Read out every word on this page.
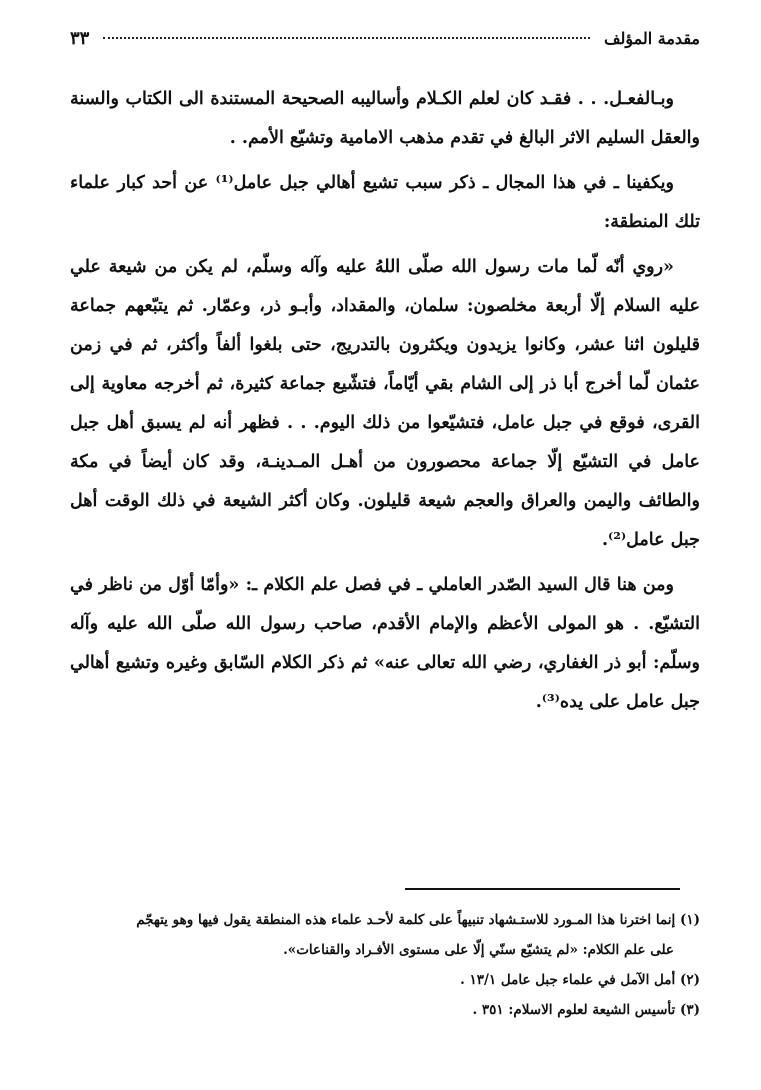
مقدمة المؤلف
٣٣

وبـالفعـل. . . فقـد كان لعلم الكـلام وأساليبه الصحيحة المستندة الى الكتاب والسنة والعقل السليم الاثر البالغ في تقدم مذهب الامامية وتشيّع الأمم. .

ويكفينا ـ في هذا المجال ـ ذكر سبب تشيع أهالي جبل عامل⁽¹⁾ عن أحد كبار علماء تلك المنطقة:

«روي أنّه لّما مات رسول الله صلّى اللهُ عليه وآله وسلّم، لم يكن من شيعة علي عليه السلام إلّا أربعة مخلصون: سلمان، والمقداد، وأبـو ذر، وعمّار. ثم يتبّعهم جماعة قليلون اثنا عشر، وكانوا يزيدون ويكثرون بالتدريج، حتى بلغوا ألفاً وأكثر، ثم في زمن عثمان لّما أخرج أبا ذر إلى الشام بقي أيّاماً، فتشّيع جماعة كثيرة، ثم أخرجه معاوية إلى القرى، فوقع في جبل عامل، فتشيّعوا من ذلك اليوم. . . فظهر أنه لم يسبق أهل جبل عامل في التشيّع إلّا جماعة محصورون من أهـل المـدينـة، وقد كان أيضاً في مكة والطائف واليمن والعراق والعجم شيعة قليلون. وكان أكثر الشيعة في ذلك الوقت أهل جبل عامل⁽²⁾.

ومن هنا قال السيد الصّدر العاملي ـ في فصل علم الكلام ـ: «وأمّا أوّل من ناظر في التشيّع. . هو المولى الأعظم والإمام الأقدم، صاحب رسول الله صلّى الله عليه وآله وسلّم: أبو ذر الغفاري، رضي الله تعالى عنه» ثم ذكر الكلام السّابق وغيره وتشيع أهالي جبل عامل على يده⁽³⁾.

(١) إنما اخترنا هذا المـورد للاستـشهاد تنبيهاً على كلمة لأحـد علماء هذه المنطقة يقول فيها وهو يتهجّم

على علم الكلام: «لم يتشيّع سنّي إلّا على مستوى الأفـراد والقناعات».

(٢) أمل الآمل في علماء جبل عامل ١٣/١ .

(٣) تأسيس الشيعة لعلوم الاسلام: ٣٥١ .
